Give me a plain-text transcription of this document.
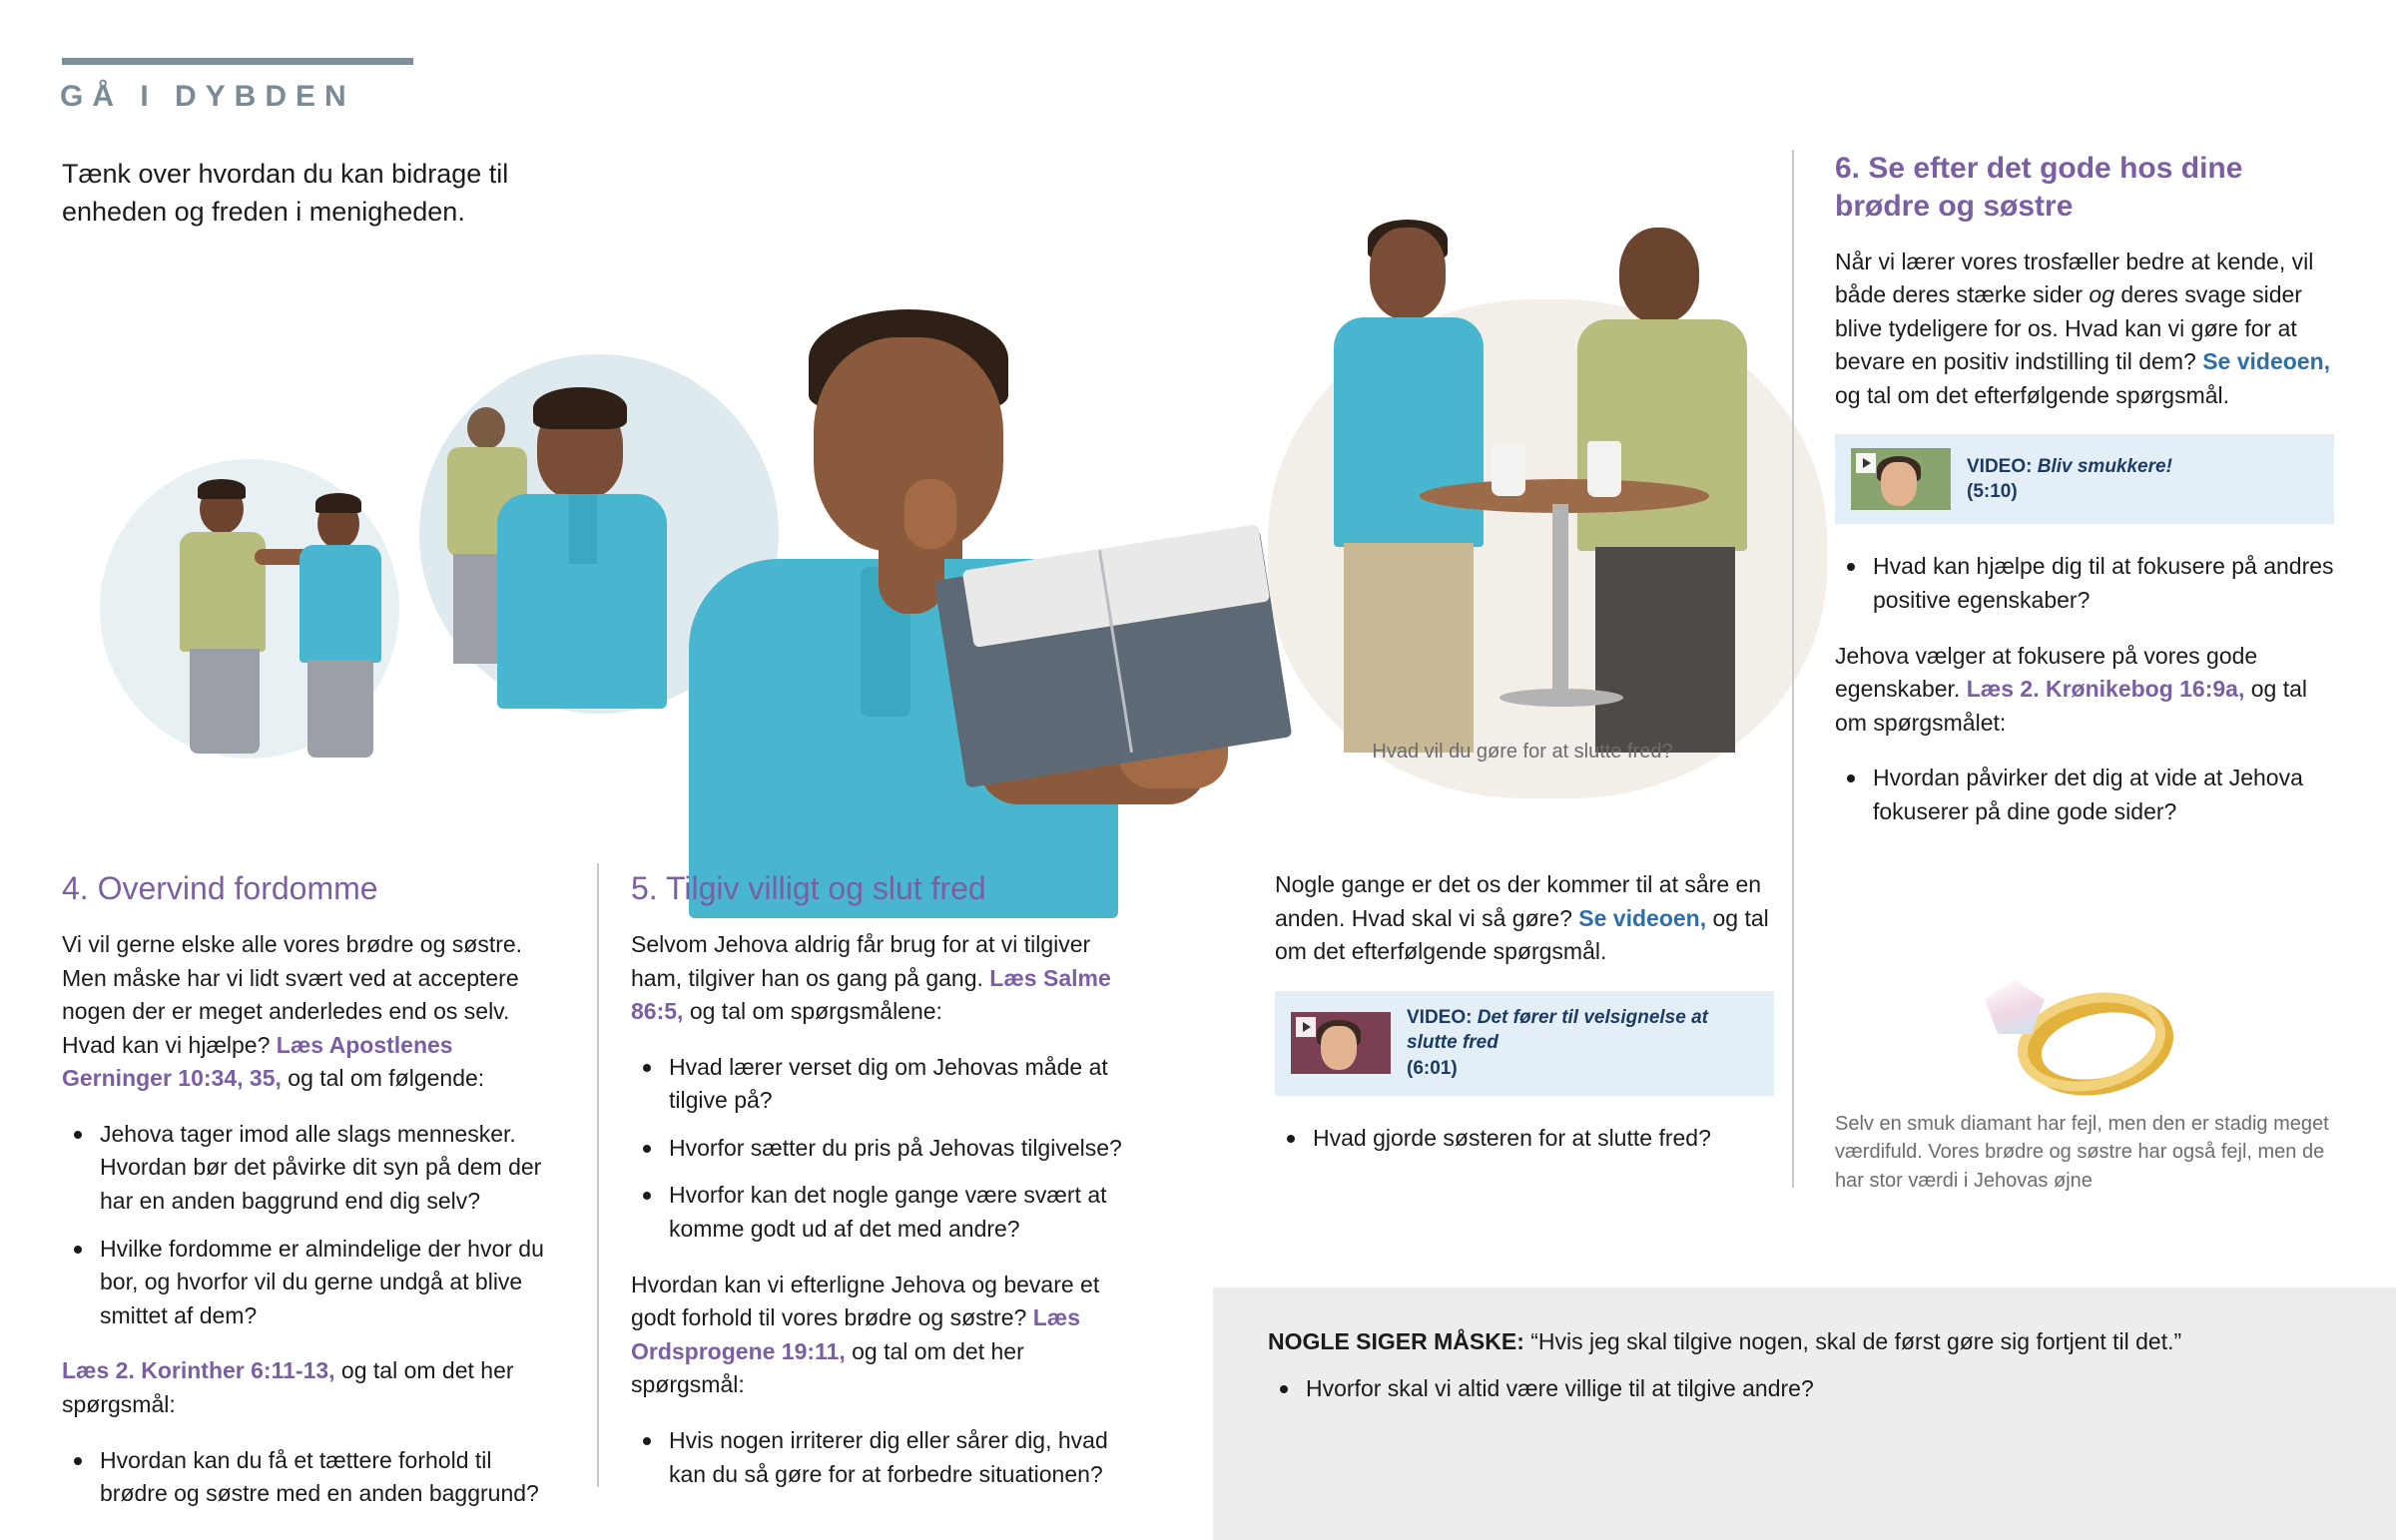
GÅ I DYBDEN
Tænk over hvordan du kan bidrage til enheden og freden i menigheden.
Hvad vil du gøre for at slutte fred?
4. Overvind fordomme

Vi vil gerne elske alle vores brødre og søstre. Men måske har vi lidt svært ved at acceptere nogen der er meget anderledes end os selv. Hvad kan vi hjælpe? Læs Apostlenes Gerninger 10:34, 35, og tal om følgende:

Jehova tager imod alle slags mennesker. Hvordan bør det påvirke dit syn på dem der har en anden baggrund end dig selv?
Hvilke fordomme er almindelige der hvor du bor, og hvorfor vil du gerne undgå at blive smittet af dem?

Læs 2. Korinther 6:11-13, og tal om det her spørgsmål:

Hvordan kan du få et tættere forhold til brødre og søstre med en anden baggrund?
5. Tilgiv villigt og slut fred

Selvom Jehova aldrig får brug for at vi tilgiver ham, tilgiver han os gang på gang. Læs Salme 86:5, og tal om spørgsmålene:

Hvad lærer verset dig om Jehovas måde at tilgive på?
Hvorfor sætter du pris på Jehovas tilgivelse?
Hvorfor kan det nogle gange være svært at komme godt ud af det med andre?

Hvordan kan vi efterligne Jehova og bevare et godt forhold til vores brødre og søstre? Læs Ordsprogene 19:11, og tal om det her spørgsmål:

Hvis nogen irriterer dig eller sårer dig, hvad kan du så gøre for at forbedre situationen?

Nogle gange er det os der kommer til at såre en anden. Hvad skal vi så gøre? Se videoen, og tal om det efterfølgende spørgsmål.

VIDEO: Det fører til velsignelse at slutte fred
(6:01)
Hvad gjorde søsteren for at slutte fred?
6. Se efter det gode hos dine brødre og søstre

Når vi lærer vores trosfæller bedre at kende, vil både deres stærke sider og deres svage sider blive tydeligere for os. Hvad kan vi gøre for at bevare en positiv indstilling til dem? Se videoen, og tal om det efterfølgende spørgsmål.

VIDEO: Bliv smukkere!
(5:10)
Hvad kan hjælpe dig til at fokusere på andres positive egenskaber?

Jehova vælger at fokusere på vores gode egenskaber. Læs 2. Krønikebog 16:9a, og tal om spørgsmålet:

Hvordan påvirker det dig at vide at Jehova fokuserer på dine gode sider?
Selv en smuk diamant har fejl, men den er stadig meget værdifuld. Vores brødre og søstre har også fejl, men de har stor værdi i Jehovas øjne

NOGLE SIGER MÅSKE: “Hvis jeg skal tilgive nogen, skal de først gøre sig fortjent til det.”

Hvorfor skal vi altid være villige til at tilgive andre?
